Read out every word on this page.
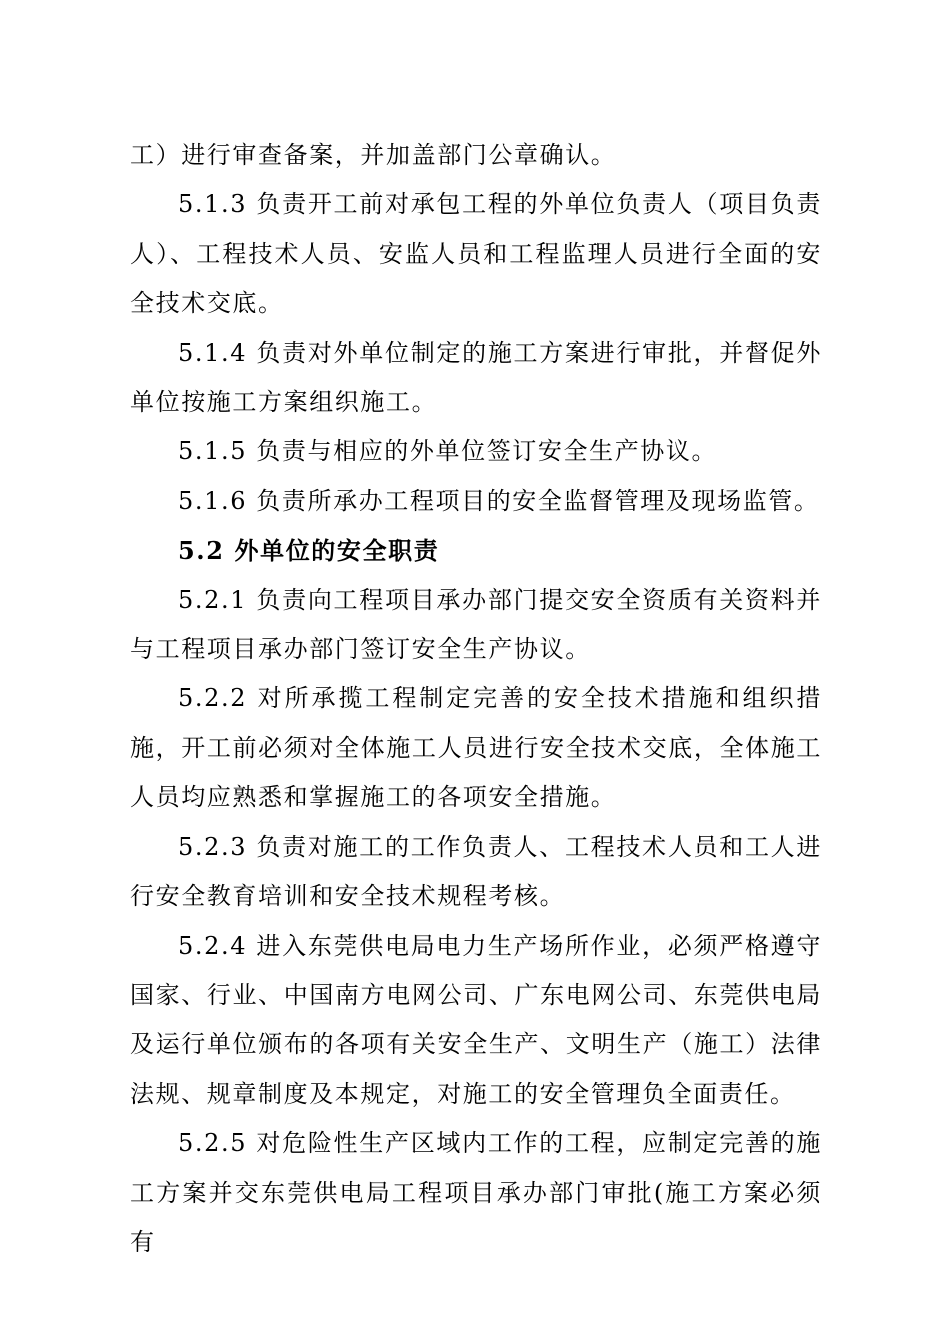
工）进行审查备案，并加盖部门公章确认。

5.1.3 负责开工前对承包工程的外单位负责人（项目负责人）、工程技术人员、安监人员和工程监理人员进行全面的安全技术交底。

5.1.4 负责对外单位制定的施工方案进行审批，并督促外单位按施工方案组织施工。

5.1.5 负责与相应的外单位签订安全生产协议。

5.1.6 负责所承办工程项目的安全监督管理及现场监管。

5.2 外单位的安全职责

5.2.1 负责向工程项目承办部门提交安全资质有关资料并与工程项目承办部门签订安全生产协议。

5.2.2 对所承揽工程制定完善的安全技术措施和组织措施，开工前必须对全体施工人员进行安全技术交底，全体施工人员均应熟悉和掌握施工的各项安全措施。

5.2.3 负责对施工的工作负责人、工程技术人员和工人进行安全教育培训和安全技术规程考核。

5.2.4 进入东莞供电局电力生产场所作业，必须严格遵守国家、行业、中国南方电网公司、广东电网公司、东莞供电局及运行单位颁布的各项有关安全生产、文明生产（施工）法律法规、规章制度及本规定，对施工的安全管理负全面责任。

5.2.5 对危险性生产区域内工作的工程，应制定完善的施工方案并交东莞供电局工程项目承办部门审批(施工方案必须有
